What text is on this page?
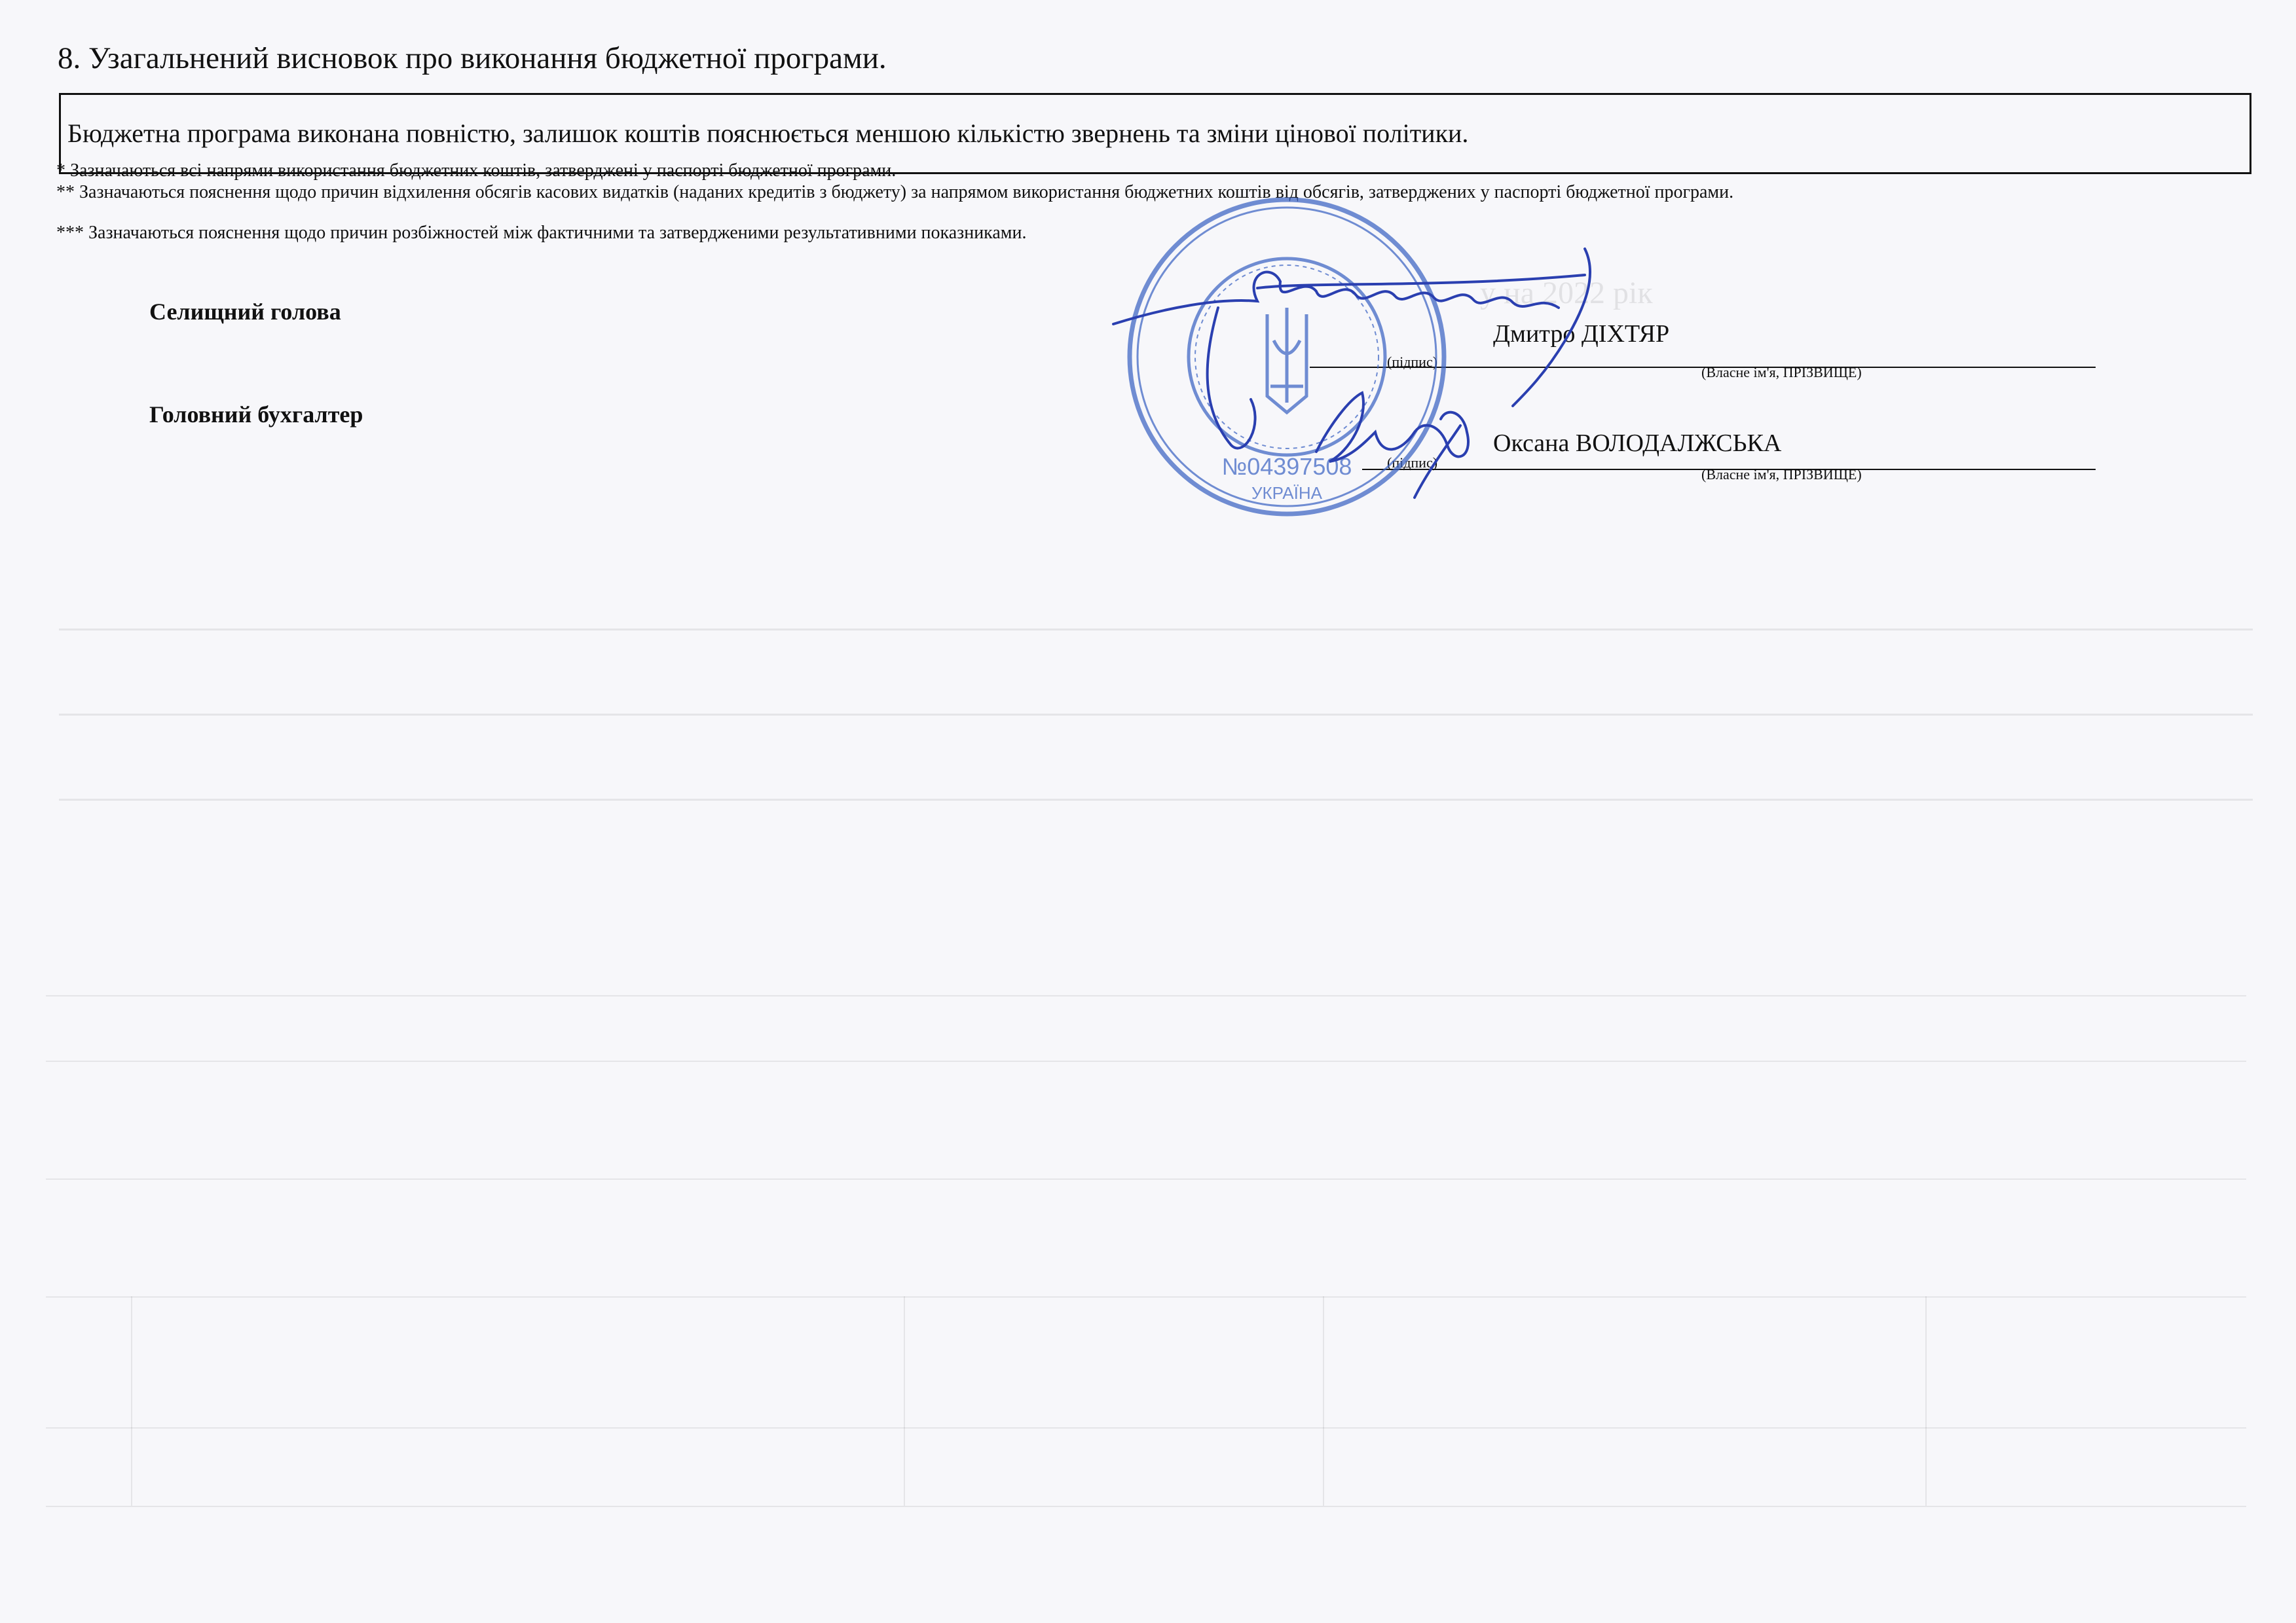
у на 2022 рік
8. Узагальнений висновок про виконання бюджетної програми.
Бюджетна програма виконана повністю, залишок коштів пояснюється меншою кількістю звернень та зміни цінової політики.
* Зазначаються всі напрями використання бюджетних коштів, затверджені у паспорті бюджетної програми.
** Зазначаються пояснення щодо причин відхилення обсягів касових видатків (наданих кредитів з бюджету) за напрямом використання бюджетних коштів від обсягів, затверджених у паспорті бюджетної програми.
*** Зазначаються пояснення щодо причин розбіжностей між фактичними та затвердженими результативними показниками.
Селищний голова
Дмитро ДІХТЯР
(підпис)
(Власне ім'я, ПРІЗВИЩЕ)
Головний бухгалтер
Оксана ВОЛОДАЛЖСЬКА
(підпис)
(Власне ім'я, ПРІЗВИЩЕ)
№04397508
УКРАЇНА
